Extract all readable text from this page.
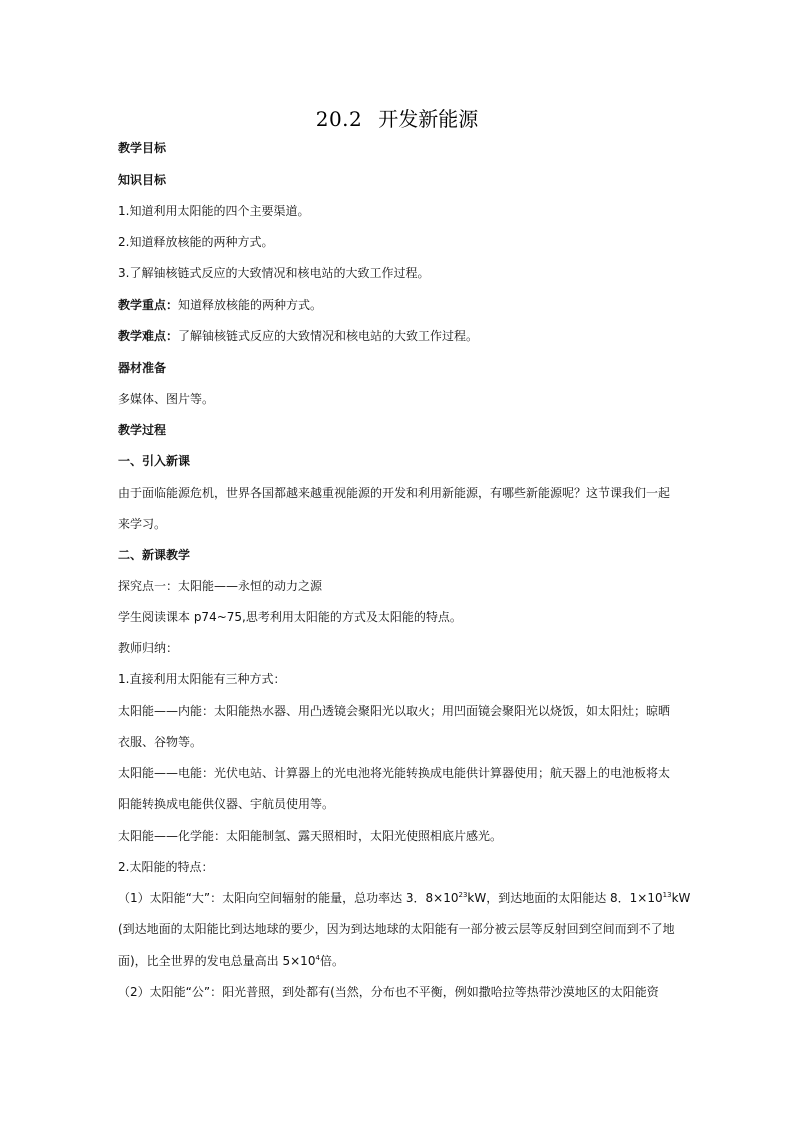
20.2 开发新能源
教学目标
知识目标
1.知道利用太阳能的四个主要渠道。
2.知道释放核能的两种方式。
3.了解铀核链式反应的大致情况和核电站的大致工作过程。
教学重点：知道释放核能的两种方式。
教学难点：了解铀核链式反应的大致情况和核电站的大致工作过程。
器材准备
多媒体、图片等。
教学过程
一、引入新课
由于面临能源危机，世界各国都越来越重视能源的开发和利用新能源，有哪些新能源呢？这节课我们一起
来学习。
二、新课教学
探究点一：太阳能——永恒的动力之源
学生阅读课本 p74~75,思考利用太阳能的方式及太阳能的特点。
教师归纳：
1.直接利用太阳能有三种方式：
太阳能——内能：太阳能热水器、用凸透镜会聚阳光以取火；用凹面镜会聚阳光以烧饭，如太阳灶；晾晒
衣服、谷物等。
太阳能——电能：光伏电站、计算器上的光电池将光能转换成电能供计算器使用；航天器上的电池板将太
阳能转换成电能供仪器、宇航员使用等。
太阳能——化学能：太阳能制氢、露天照相时，太阳光使照相底片感光。
2.太阳能的特点：
（1）太阳能“大”：太阳向空间辐射的能量，总功率达 3．$8\times 10^{23}kW$，到达地面的太阳能达 8．$1\times 10^{13}kW$
(到达地面的太阳能比到达地球的要少，因为到达地球的太阳能有一部分被云层等反射回到空间而到不了地
面)，比全世界的发电总量高出 $5\times 10^4$倍。
（2）太阳能“公”：阳光普照，到处都有(当然，分布也不平衡，例如撒哈拉等热带沙漠地区的太阳能资
